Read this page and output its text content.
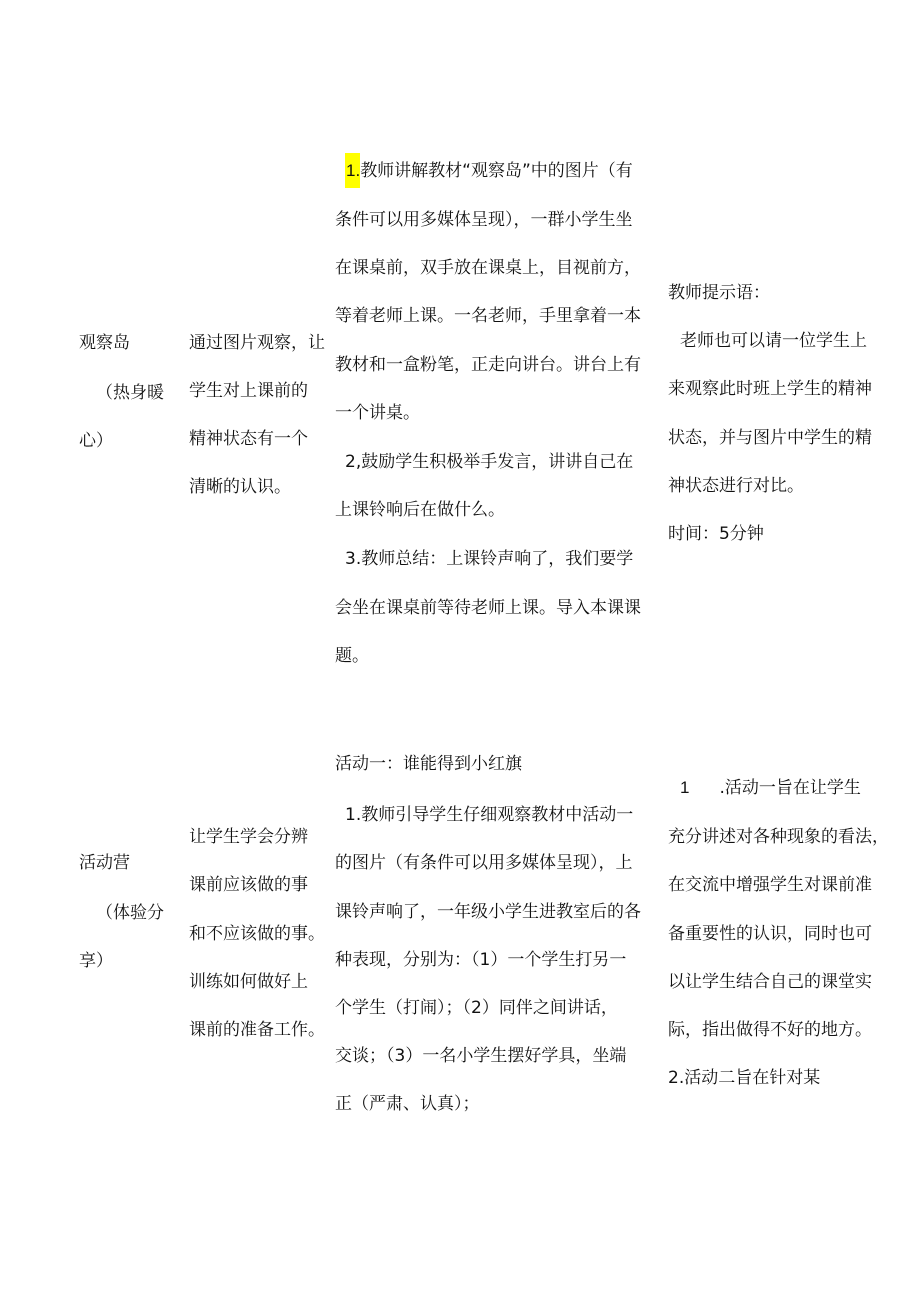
观察岛
（热身暖
心）
通过图片观察，让
学生对上课前的
精神状态有一个
清晰的认识。
1.教师讲解教材“观察岛”中的图片（有
条件可以用多媒体呈现），一群小学生坐
在课桌前，双手放在课桌上，目视前方，
等着老师上课。一名老师，手里拿着一本
教材和一盒粉笔，正走向讲台。讲台上有
一个讲桌。
2,鼓励学生积极举手发言，讲讲自己在
上课铃响后在做什么。
3.教师总结：上课铃声响了，我们要学
会坐在课桌前等待老师上课。导入本课课
题。
教师提示语：
老师也可以请一位学生上
来观察此时班上学生的精神
状态，并与图片中学生的精
神状态进行对比。
时间：5分钟
活动营
（体验分
享）
让学生学会分辨
课前应该做的事
和不应该做的事。
训练如何做好上
课前的准备工作。
活动一：谁能得到小红旗
1.教师引导学生仔细观察教材中活动一
的图片（有条件可以用多媒体呈现），上
课铃声响了，一年级小学生进教室后的各
种表现，分别为：（1）一个学生打另一
个学生（打闹）；（2）同伴之间讲话，
交谈；（3）一名小学生摆好学具，坐端
正（严肃、认真）；
1 .活动一旨在让学生
充分讲述对各种现象的看法，
在交流中增强学生对课前准
备重要性的认识，同时也可
以让学生结合自己的课堂实
际，指出做得不好的地方。
2.活动二旨在针对某
